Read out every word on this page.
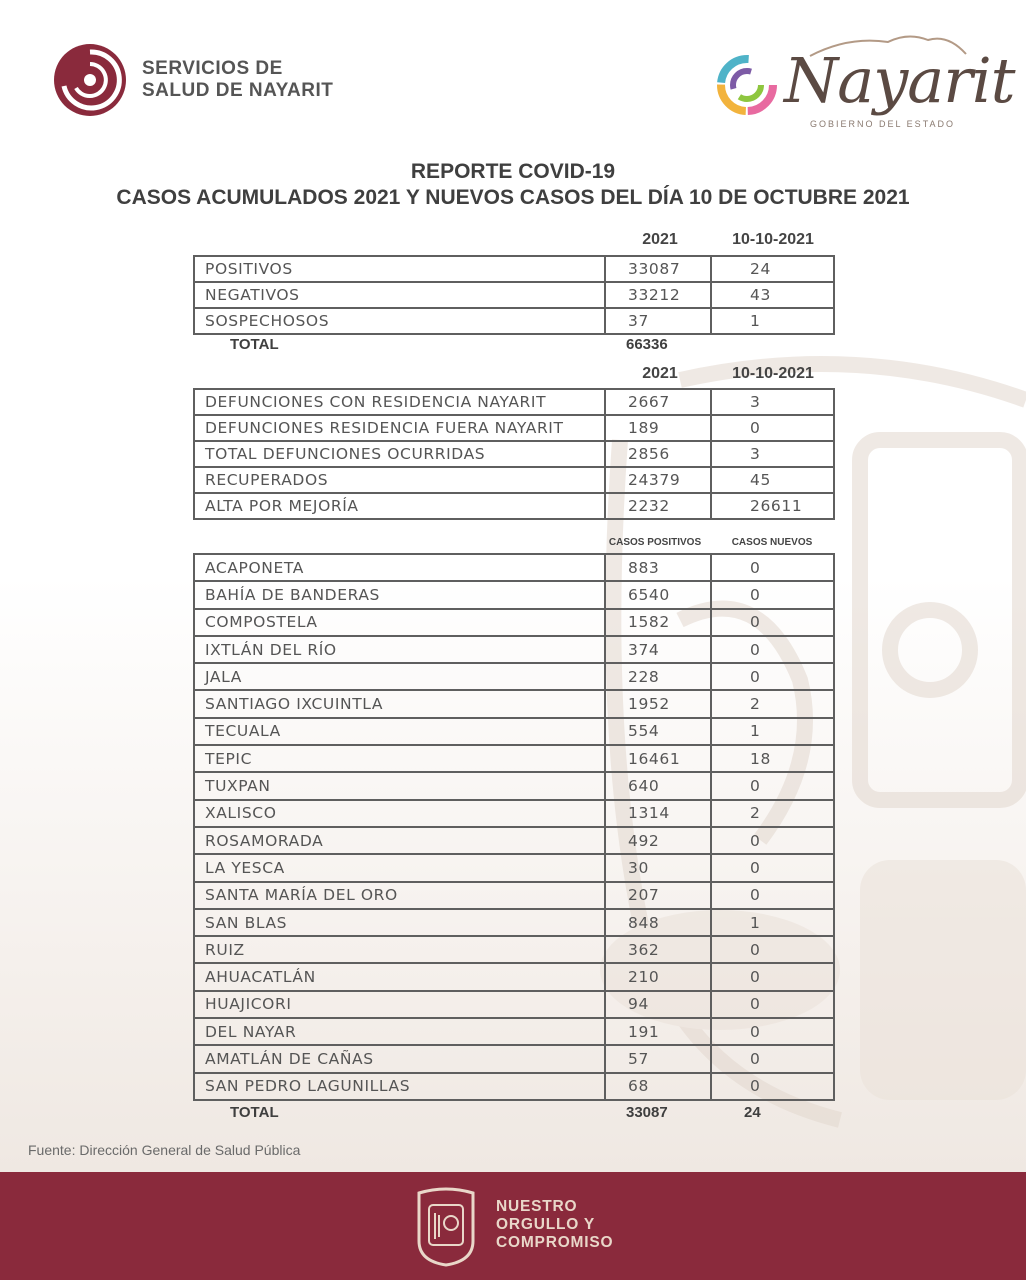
SERVICIOS DE
SALUD DE NAYARIT	Nayarit
GOBIERNO DEL ESTADO
REPORTE COVID-19
CASOS ACUMULADOS 2021 Y NUEVOS CASOS DEL DÍA 10 DE OCTUBRE 2021
2021	10-10-2021
POSITIVOS	33087	24
NEGATIVOS	33212	43
SOSPECHOSOS	37	1
TOTAL	66336
2021	10-10-2021
DEFUNCIONES CON RESIDENCIA NAYARIT	2667	3
DEFUNCIONES RESIDENCIA FUERA NAYARIT	189	0
TOTAL DEFUNCIONES OCURRIDAS	2856	3
RECUPERADOS	24379	45
ALTA POR MEJORÍA	2232	26611
CASOS POSITIVOS	CASOS NUEVOS
ACAPONETA	883	0
BAHÍA DE BANDERAS	6540	0
COMPOSTELA	1582	0
IXTLÁN DEL RÍO	374	0
JALA	228	0
SANTIAGO IXCUINTLA	1952	2
TECUALA	554	1
TEPIC	16461	18
TUXPAN	640	0
XALISCO	1314	2
ROSAMORADA	492	0
LA YESCA	30	0
SANTA MARÍA DEL ORO	207	0
SAN BLAS	848	1
RUIZ	362	0
AHUACATLÁN	210	0
HUAJICORI	94	0
DEL NAYAR	191	0
AMATLÁN DE CAÑAS	57	0
SAN PEDRO LAGUNILLAS	68	0
TOTAL	33087	24
Fuente: Dirección General de Salud Pública
NUESTRO
ORGULLO Y
COMPROMISO
